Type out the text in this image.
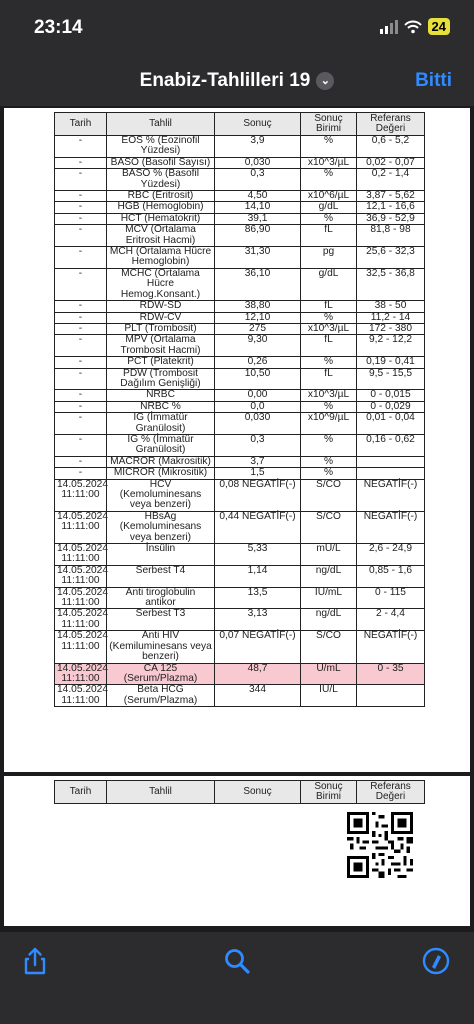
23:14	24
Enabiz-Tahlilleri 19 ⌄	Bitti
Tarih	Tahlil	Sonuç	Sonuç Birimi	Referans Değeri
-	EOS % (Eozinofil Yüzdesi)	3,9	%	0,6 - 5,2
-	BASO (Basofil Sayısı)	0,030	x10^3/µL	0,02 - 0,07
-	BASO % (Basofil Yüzdesi)	0,3	%	0,2 - 1,4
-	RBC (Eritrosit)	4,50	x10^6/µL	3,87 - 5,62
-	HGB (Hemoglobin)	14,10	g/dL	12,1 - 16,6
-	HCT (Hematokrit)	39,1	%	36,9 - 52,9
-	MCV (Ortalama Eritrosit Hacmi)	86,90	fL	81,8 - 98
-	MCH (Ortalama Hücre Hemoglobin)	31,30	pg	25,6 - 32,3
-	MCHC (Ortalama Hücre Hemog.Konsant.)	36,10	g/dL	32,5 - 36,8
-	RDW-SD	38,80	fL	38 - 50
-	RDW-CV	12,10	%	11,2 - 14
-	PLT (Trombosit)	275	x10^3/µL	172 - 380
-	MPV (Ortalama Trombosit Hacmi)	9,30	fL	9,2 - 12,2
-	PCT (Platekrit)	0,26	%	0,19 - 0,41
-	PDW (Trombosit Dağılım Genişliği)	10,50	fL	9,5 - 15,5
-	NRBC	0,00	x10^3/µL	0 - 0,015
-	NRBC %	0,0	%	0 - 0,029
-	IG (İmmatür Granülosit)	0,030	x10^9/µL	0,01 - 0,04
-	IG % (İmmatür Granülosit)	0,3	%	0,16 - 0,62
-	MACROR (Makrositik)	3,7	%	
-	MICROR (Mikrositik)	1,5	%	
14.05.2024 11:11:00	HCV (Kemoluminesans veya benzeri)	0,08 NEGATİF(-)	S/CO	NEGATİF(-)
14.05.2024 11:11:00	HBsAg (Kemoluminesans veya benzeri)	0,44 NEGATİF(-)	S/CO	NEGATİF(-)
14.05.2024 11:11:00	İnsülin	5,33	mU/L	2,6 - 24,9
14.05.2024 11:11:00	Serbest T4	1,14	ng/dL	0,85 - 1,6
14.05.2024 11:11:00	Anti tiroglobulin antikor	13,5	IU/mL	0 - 115
14.05.2024 11:11:00	Serbest T3	3,13	ng/dL	2 - 4,4
14.05.2024 11:11:00	Anti HIV (Kemiluminesans veya benzeri)	0,07 NEGATİF(-)	S/CO	NEGATİF(-)
14.05.2024 11:11:00	CA 125 (Serum/Plazma)	48,7	U/mL	0 - 35
14.05.2024 11:11:00	Beta HCG (Serum/Plazma)	344	IU/L	
Tarih	Tahlil	Sonuç	Sonuç Birimi	Referans Değeri
